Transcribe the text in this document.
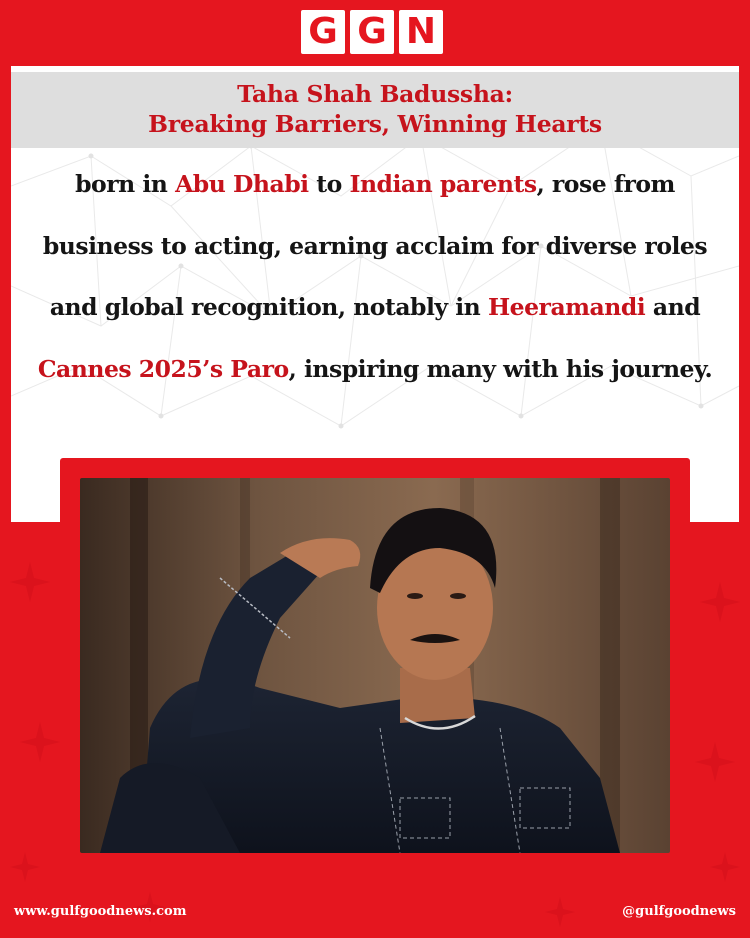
G G N
Taha Shah Badussha:
Breaking Barriers, Winning Hearts
born in Abu Dhabi to Indian parents, rose from business to acting, earning acclaim for diverse roles and global recognition, notably in Heeramandi and Cannes 2025’s Paro, inspiring many with his journey.
www.gulfgoodnews.com	@gulfgoodnews
